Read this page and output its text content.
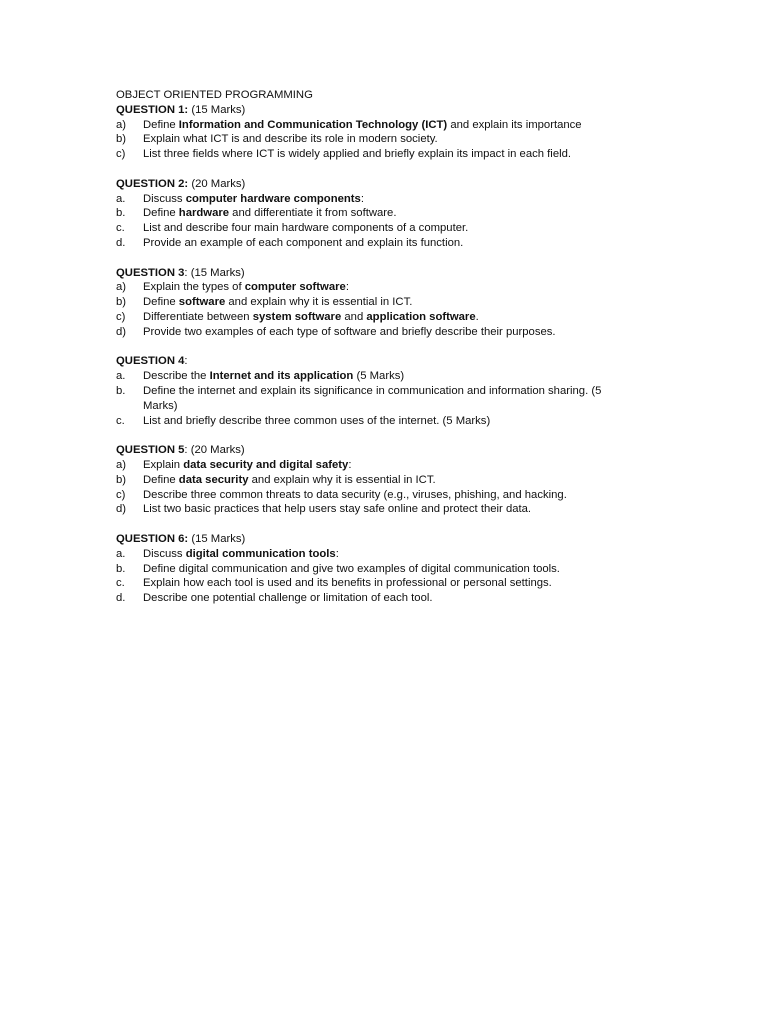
OBJECT ORIENTED PROGRAMMING
QUESTION 1: (15 Marks)
a)	Define Information and Communication Technology (ICT) and explain its importance
b)	Explain what ICT is and describe its role in modern society.
c)	List three fields where ICT is widely applied and briefly explain its impact in each field.
QUESTION 2: (20 Marks)
a.	Discuss computer hardware components:
b.	Define hardware and differentiate it from software.
c.	List and describe four main hardware components of a computer.
d.	Provide an example of each component and explain its function.
QUESTION 3: (15 Marks)
a)	Explain the types of computer software:
b)	Define software and explain why it is essential in ICT.
c)	Differentiate between system software and application software.
d)	Provide two examples of each type of software and briefly describe their purposes.
QUESTION 4:
a.	Describe the Internet and its application (5 Marks)
b.	Define the internet and explain its significance in communication and information sharing. (5 Marks)
c.	List and briefly describe three common uses of the internet. (5 Marks)
QUESTION 5: (20 Marks)
a)	Explain data security and digital safety:
b)	Define data security and explain why it is essential in ICT.
c)	Describe three common threats to data security (e.g., viruses, phishing, and hacking.
d)	List two basic practices that help users stay safe online and protect their data.
QUESTION 6: (15 Marks)
a.	Discuss digital communication tools:
b.	Define digital communication and give two examples of digital communication tools.
c.	Explain how each tool is used and its benefits in professional or personal settings.
d.	Describe one potential challenge or limitation of each tool.
